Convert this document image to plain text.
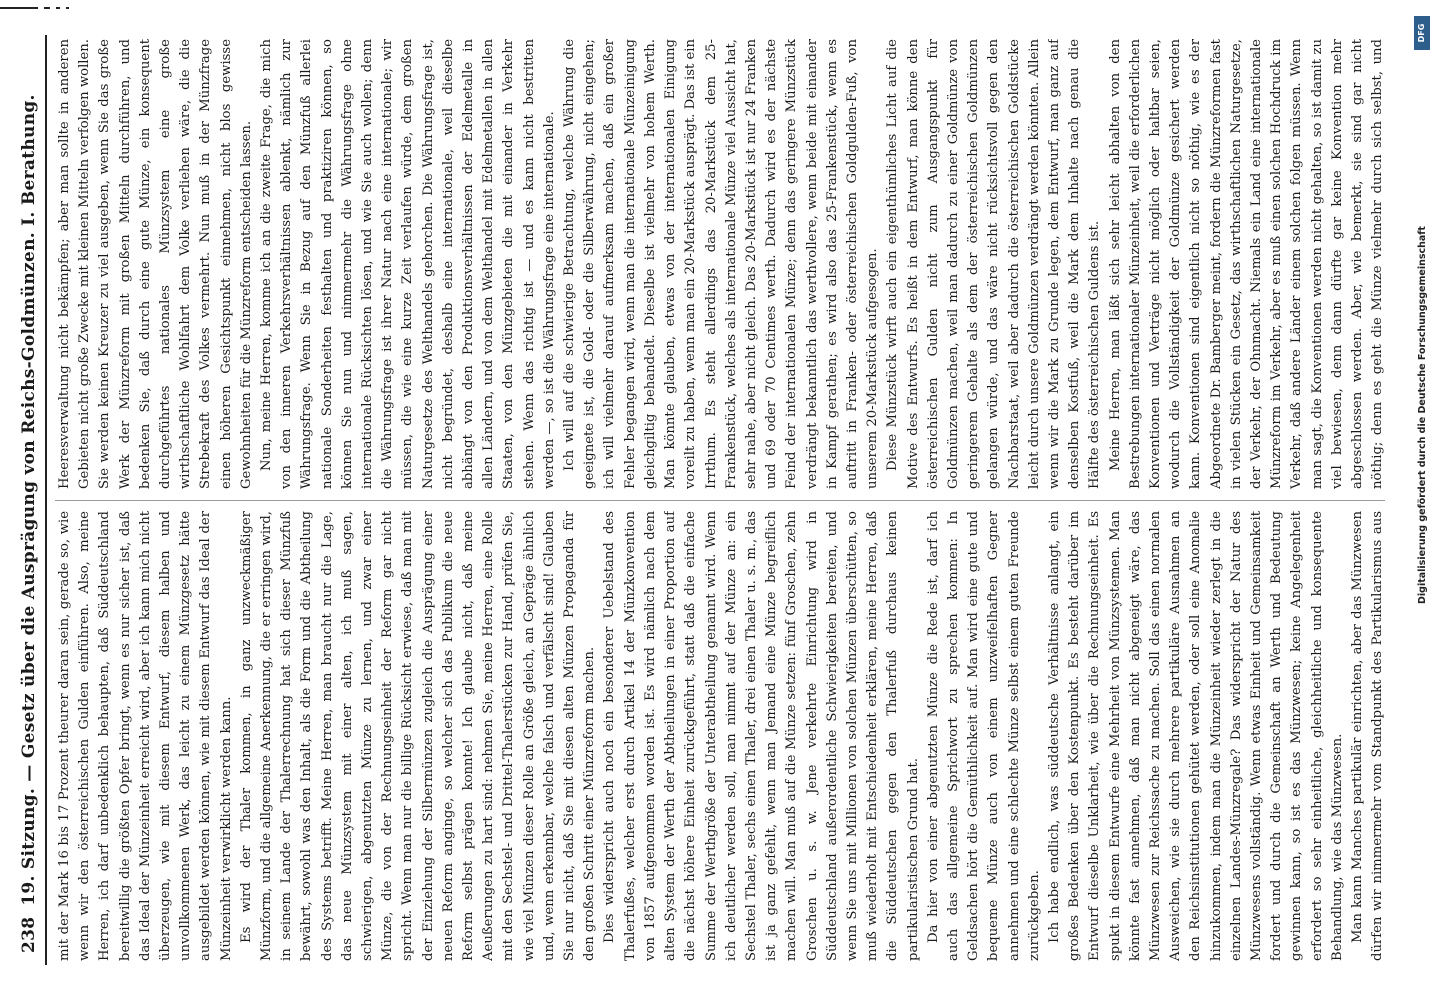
238
19. Sitzung. — Gesetz über die Ausprägung von Reichs-Goldmünzen. I. Berathung. mit der Mark 16 bis 17 Prozent theurer daran sein, gerade so, wie wenn wir den österreichischen Gulden einführen. Also, meine Herren, ich darf unbedenklich behaupten, daß Süddeutschland bereitwillig die größten Opfer bringt, wenn es nur sicher ist, daß das Ideal der Münzeinheit erreicht wird, aber ich kann mich nicht überzeugen, wie mit diesem Entwurf, diesem halben und unvollkommenen Werk, das leicht zu einem Münzgesetz hätte ausgebildet werden können, wie mit diesem Entwurf das Ideal der Münzeinheit verwirklicht werden kann. Es wird der Thaler kommen, in ganz unzweckmäßiger Münzform, und die allgemeine Anerkennung, die er erringen wird, in seinem Lande der Thalerrechnung hat sich dieser Münzfuß bewährt, sowohl was den Inhalt, als die Form und die Abtheilung des Systems betrifft. Meine Herren, man braucht nur die Lage, das neue Münzsystem mit einer alten, ich muß sagen, schwierigen, abgenutzten Münze zu lernen, und zwar einer Münze, die von der Rechnungseinheit der Reform gar nicht spricht. Wenn man nur die billige Rücksicht erwiese, daß man mit der Einziehung der Silbermünzen zugleich die Ausprägung einer neuen Reform anginge, so welcher sich das Publikum die neue Reform selbst prägen konnte! Ich glaube nicht, daß meine Aeußerungen zu hart sind: nehmen Sie, meine Herren, eine Rolle mit den Sechstel- und Drittel-Thalerstücken zur Hand, prüfen Sie, wie viel Münzen dieser Rolle an Größe gleich, an Gepräge ähnlich und, wenn erkennbar, welche falsch und verfälscht sind! Glauben Sie nur nicht, daß Sie mit diesen alten Münzen Propaganda für den großen Schritt einer Münzreform machen. Dies widerspricht auch noch ein besonderer Uebelstand des Thalerfußes, welcher erst durch Artikel 14 der Münzkonvention von 1857 aufgenommen worden ist. Es wird nämlich nach dem alten System der Werth der Abtheilungen in einer Proportion auf die nächst höhere Einheit zurückgeführt, statt daß die einfache Summe der Werthgröße der Unterabtheilung genannt wird. Wenn ich deutlicher werden soll, man nimmt auf der Münze an: ein Sechstel Thaler, sechs einen Thaler, drei einen Thaler u. s. m., das ist ja ganz gefehlt, wenn man Jemand eine Münze begreiflich machen will. Man muß auf die Münze setzen: fünf Groschen, zehn Groschen u. s. w. Jene verkehrte Einrichtung wird in Süddeutschland außerordentliche Schwierigkeiten bereiten, und wenn Sie uns mit Millionen von solchen Münzen überschütten, so muß wiederholt mit Entschiedenheit erklären, meine Herren, daß die Süddeutschen gegen den Thalerfuß durchaus keinen partikularistischen Grund hat. Da hier von einer abgenutzten Münze die Rede ist, darf ich auch das allgemeine Sprichwort zu sprechen kommen: In Geldsachen hört die Gemüthlichkeit auf. Man wird eine gute und bequeme Münze auch von einem unzweifelhaften Gegner annehmen und eine schlechte Münze selbst einem guten Freunde zurückgeben. Ich habe endlich, was süddeutsche Verhältnisse anlangt, ein großes Bedenken über den Kostenpunkt. Es besteht darüber im Entwurf dieselbe Unklarheit, wie über die Rechnungseinheit. Es spukt in diesem Entwurfe eine Mehrheit von Münzsystemen. Man könnte fast annehmen, daß man nicht abgeneigt wäre, das Münzwesen zur Reichssache zu machen. Soll das einen normalen Ausweichen, wie sie durch mehrere partikuläre Ausnahmen an den Reichsinstitutionen gehütet werden, oder soll eine Anomalie hinzukommen, indem man die Münzeinheit wieder zerlegt in die einzelnen Landes-Münzregale? Das widerspricht der Natur des Münzwesens vollständig. Wenn etwas Einheit und Gemeinsamkeit fordert und durch die Gemeinschaft an Werth und Bedeutung gewinnen kann, so ist es das Münzwesen; keine Angelegenheit erfordert so sehr einheitliche, gleichheitliche und konsequente Behandlung, wie das Münzwesen. Man kann Manches partikulär einrichten, aber das Münzwesen dürfen wir nimmermehr vom Standpunkt des Partikularismus aus

Heeresverwaltung nicht bekämpfen; aber man sollte in anderen Gebieten nicht große Zwecke mit kleinen Mitteln verfolgen wollen. Sie werden keinen Kreuzer zu viel ausgeben, wenn Sie das große Werk der Münzreform mit großen Mitteln durchführen, und bedenken Sie, daß durch eine gute Münze, ein konsequent durchgeführtes nationales Münzsystem eine große wirthschaftliche Wohlfahrt dem Volke verliehen wäre, die die Strebekraft des Volkes vermehrt. Nun muß in der Münzfrage einen höheren Gesichtspunkt einnehmen, nicht blos gewisse Gewohnheiten für die Münzreform entscheiden lassen. Nun, meine Herren, komme ich an die zweite Frage, die mich von den inneren Verkehrsverhältnissen ablenkt, nämlich zur Währungsfrage. Wenn Sie in Bezug auf den Münzfuß allerlei nationale Sonderheiten festhalten und praktiziren können, so können Sie nun und nimmermehr die Währungsfrage ohne internationale Rücksichten lösen, und wie Sie auch wollen; denn die Währungsfrage ist ihrer Natur nach eine internationale; wir müssen, die wie eine kurze Zeit verlaufen würde, dem großen Naturgesetze des Welthandels gehorchen. Die Währungsfrage ist, nicht begründet, deshalb eine internationale, weil dieselbe abhängt von den Produktionsverhältnissen der Edelmetalle in allen Ländern, und von dem Welthandel mit Edelmetallen in allen Staaten, von den Münzgebieten die mit einander in Verkehr stehen. Wenn das richtig ist — und es kann nicht bestritten werden —, so ist die Währungsfrage eine internationale. Ich will auf die schwierige Betrachtung, welche Währung die geeignete ist, die Gold- oder die Silberwährung, nicht eingehen; ich will vielmehr darauf aufmerksam machen, daß ein großer Fehler begangen wird, wenn man die internationale Münzeinigung gleichgiltig behandelt. Dieselbe ist vielmehr von hohem Werth. Man könnte glauben, etwas von der internationalen Einigung voreilt zu haben, wenn man ein 20-Markstück ausprägt. Das ist ein Irrthum. Es steht allerdings das 20-Markstück dem 25-Frankenstück, welches als internationale Münze viel Aussicht hat, sehr nahe, aber nicht gleich. Das 20-Markstück ist nur 24 Franken und 69 oder 70 Centimes werth. Dadurch wird es der nächste Feind der internationalen Münze; denn das geringere Münzstück verdrängt bekanntlich das werthvollere, wenn beide mit einander in Kampf gerathen; es wird also das 25-Frankenstück, wenn es auftritt in Franken- oder österreichischen Goldgulden-Fuß, von unserem 20-Markstück aufgesogen. Diese Münzstück wirft auch ein eigenthümliches Licht auf die Motive des Entwurfs. Es heißt in dem Entwurf, man könne den österreichischen Gulden nicht zum Ausgangspunkt für Goldmünzen machen, weil man dadurch zu einer Goldmünze von geringerem Gehalte als dem der österreichischen Goldmünzen gelangen würde, und das wäre nicht rücksichtsvoll gegen den Nachbarstaat, weil aber dadurch die österreichischen Goldstücke leicht durch unsere Goldmünzen verdrängt werden könnten. Allein wenn wir die Mark zu Grunde legen, dem Entwurf, man ganz auf denselben Kostfuß, weil die Mark dem Inhalte nach genau die Hälfte des österreichischen Guldens ist. Meine Herren, man läßt sich sehr leicht abhalten von den Bestrebungen internationaler Münzeinheit, weil die erforderlichen Konventionen und Verträge nicht möglich oder haltbar seien, wodurch die Vollständigkeit der Goldmünze gesichert werden kann. Konventionen sind eigentlich nicht so nöthig, wie es der Abgeordnete Dr. Bamberger meint, fordern die Münzreformen fast in vielen Stücken ein Gesetz, das wirthschaftlichen Naturgesetze, der Verkehr, der Ohnmacht. Niemals ein Land eine internationale Münzreform im Verkehr, aber es muß einen solchen Hochdruck im Verkehr, daß andere Länder einem solchen folgen müssen. Wenn man sagt, die Konventionen werden nicht gehalten, so ist damit zu viel bewiesen, denn dann dürfte gar keine Konvention mehr abgeschlossen werden. Aber, wie bemerkt, sie sind gar nicht nöthig; denn es geht die Münze vielmehr durch sich selbst, und

DFG
Digitalisierung gefördert durch die Deutsche Forschungsgemeinschaft
